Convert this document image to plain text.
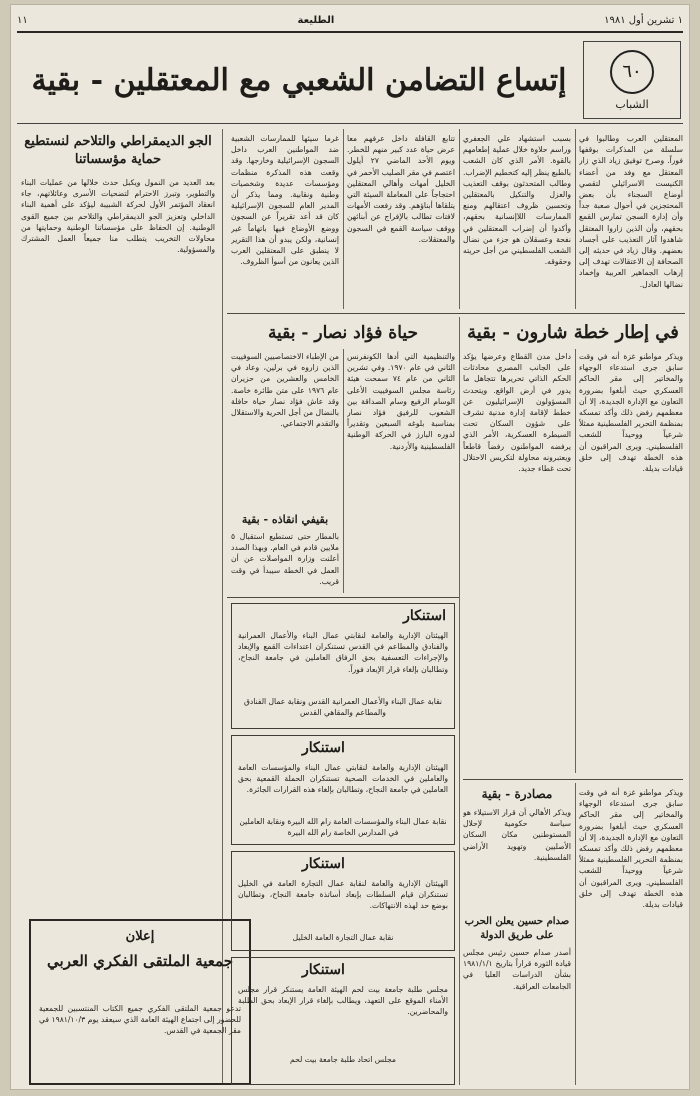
١ تشرين أول ١٩٨١
الطليعة
١١
٦٠
الشباب
إتساع التضامن الشعبي مع المعتقلين - بقية
الجو الديمقراطي والتلاحم لنستطيع حماية مؤسساتنا

بعد العديد من النمول ويكبل حدث خلالها من عمليات البناء والتطوير، وتبرز الاحترام لتضحيات الأسرى وعائلاتهم، جاء انعقاد المؤتمر الأول لحركة الشبيبة ليؤكد على أهمية البناء الداخلي وتعزيز الجو الديمقراطي والتلاحم بين جميع القوى الوطنية. إن الحفاظ على مؤسساتنا الوطنية وحمايتها من محاولات التخريب يتطلب منا جميعاً العمل المشترك والمسؤولية.

إعلان
جمعية الملتقى الفكري العربي

تدعو جمعية الملتقى الفكري جميع الكتاب المنتسبين للجمعية للحضور إلى اجتماع الهيئة العامة الذي سيعقد يوم ١٩٨١/١٠/٣ في مقر الجمعية في القدس.

غرما سيئها للممارسات الشعبية ضد المواطنين العرب داخل السجون الإسرائيلية وخارجها. وقد وقعت هذه المذكرة منظمات ومؤسسات عديدة وشخصيات وطنية ونقابية. ومما يذكر أن المدير العام للسجون الإسرائيلية كان قد أعد تقريراً عن السجون ووضع الأوضاع فيها باتهاماً غير إنسانية، ولكن يبدو أن هذا التقرير لا ينطبق على المعتقلين العرب الذين يعانون من أسوأ الظروف.

تتابع القافلة داخل عرفهم معا عرض حياة عدد كبير منهم للخطر. ويوم الأحد الماضي ٢٧ أيلول اعتصم في مقر الصليب الأحمر في الخليل أمهات وأهالي المعتقلين احتجاجاً على المعاملة السيئة التي يتلقاها أبناؤهم. وقد رفعت الأمهات لافتات تطالب بالإفراج عن أبنائهن ووقف سياسة القمع في السجون والمعتقلات.

بسبب استشهاد علي الجعفري وراسم حلاوة خلال عملية إطعامهم بالقوة. الأمر الذي كان الشعب بالطبع ينظر إليه كتحطيم الإضراب. وطالب المتحدثون بوقف التعذيب والعزل والتنكيل بالمعتقلين وتحسين ظروف اعتقالهم ومنع الممارسات اللاإنسانية بحقهم، وأكدوا أن إضراب المعتقلين في نفحة وعسقلان هو جزء من نضال الشعب الفلسطيني من أجل حريته وحقوقه.

المعتقلين العرب وطالبوا في سلسلة من المذكرات بوقفها فوراً. وصرح توفيق زياد الذي زار المعتقل مع وفد من أعضاء الكنيست الاسرائيلي لتقصي أوضاع السجناء بأن بعض المحتجزين في أحوال صعبة جداً وأن إدارة السجن تمارس القمع بحقهم، وأن الذين زاروا المعتقل شاهدوا آثار التعذيب على أجساد بعضهم. وقال زياد في حديثه إلى الصحافة إن الاعتقالات تهدف إلى إرهاب الجماهير العربية وإخماد نضالها العادل.

في إطار خطة شارون - بقية

داخل مدن القطاع وعرضها يؤكد على الجانب المصري محادثات الحكم الذاتي تحريرها تتجاهل ما يدور في أرض الواقع. ويتحدث المسؤولون الإسرائيليون عن خطط لإقامة إدارة مدنية تشرف على شؤون السكان تحت السيطرة العسكرية، الأمر الذي يرفضه المواطنون رفضاً قاطعاً ويعتبرونه محاولة لتكريس الاحتلال تحت غطاء جديد.

ويذكر مواطنو غزة أنه في وقت سابق جرى استدعاء الوجهاء والمخاتير إلى مقر الحاكم العسكري حيث أبلغوا بضرورة التعاون مع الإدارة الجديدة، إلا أن معظمهم رفض ذلك وأكد تمسكه بمنظمة التحرير الفلسطينية ممثلاً شرعياً ووحيداً للشعب الفلسطيني. ويرى المراقبون أن هذه الخطة تهدف إلى خلق قيادات بديلة.

حياة فؤاد نصار - بقية

من الإطباء الاختصاصيين السوفييت الذين زاروه في برلين، وعاد في الخامس والعشرين من حزيران عام ١٩٧٦ على متن طائرة خاصة. وقد عاش فؤاد نصار حياة حافلة بالنضال من أجل الحرية والاستقلال والتقدم الاجتماعي.

والتنظيمية التي أدها الكونفرنس الثاني في عام ١٩٧٠. وفي تشرين الثاني من عام ٧٤ سمحت هيئة رئاسة مجلس السوفييت الأعلى الوسام الرفيع وسام الصداقة بين الشعوب للرفيق فؤاد نصار بمناسبة بلوغه السبعين وتقديراً لدوره البارز في الحركة الوطنية الفلسطينية والأردنية.

بقيفي انقاذه - بقية

بالمطار حتى تستطيع استقبال ٥ ملايين قادم في العام. وبهذا الصدد أعلنت وزارة المواصلات عن أن العمل في الخطة سيبدأ في وقت قريب.

استنكار

الهيئتان الإدارية والعامة لنقابتي عمال البناء والأعمال العمرانية والفنادق والمطاعم في القدس تستنكران اعتداءات القمع والإبعاد والإجراءات التعسفية بحق الرفاق العاملين في جامعة النجاح، وتطالبان بإلغاء قرار الإبعاد فوراً.

نقابة عمال البناء والأعمال العمرانية القدس ونقابة عمال الفنادق والمطاعم والمقاهي القدس

استنكار

الهيئتان الإدارية والعامة لنقابتي عمال البناء والمؤسسات العامة والعاملين في الخدمات الصحية تستنكران الحملة القمعية بحق العاملين في جامعة النجاح، وتطالبان بإلغاء هذه القرارات الجائرة.

نقابة عمال البناء والمؤسسات العامة رام الله البيرة ونقابة العاملين في المدارس الخاصة رام الله البيرة

استنكار

الهيئتان الإدارية والعامة لنقابة عمال التجارة العامة في الخليل تستنكران قيام السلطات بإبعاد أساتذة جامعة النجاح، وتطالبان بوضع حد لهذه الانتهاكات.

نقابة عمال التجارة العامة الخليل

استنكار

مجلس طلبة جامعة بيت لحم الهيئة العامة يستنكر قرار مجلس الأمناء الموقع على التعهد، ويطالب بإلغاء قرار الإبعاد بحق الطلبة والمحاضرين.

مجلس اتحاد طلبة جامعة بيت لحم

مصادرة - بقية

ويذكر الأهالي أن قرار الاستيلاء هو سياسة حكومية لإحلال المستوطنين مكان السكان الأصليين وتهويد الأراضي الفلسطينية.

صدام حسين يعلن الحرب على طريق الدولة

أصدر صدام حسين رئيس مجلس قيادة الثورة قراراً بتاريخ ١٩٨١/١/١ بشأن الدراسات العليا في الجامعات العراقية.

ويذكر مواطنو غزة أنه في وقت سابق جرى استدعاء الوجهاء والمخاتير إلى مقر الحاكم العسكري حيث أبلغوا بضرورة التعاون مع الإدارة الجديدة، إلا أن معظمهم رفض ذلك وأكد تمسكه بمنظمة التحرير الفلسطينية ممثلاً شرعياً ووحيداً للشعب الفلسطيني. ويرى المراقبون أن هذه الخطة تهدف إلى خلق قيادات بديلة.
